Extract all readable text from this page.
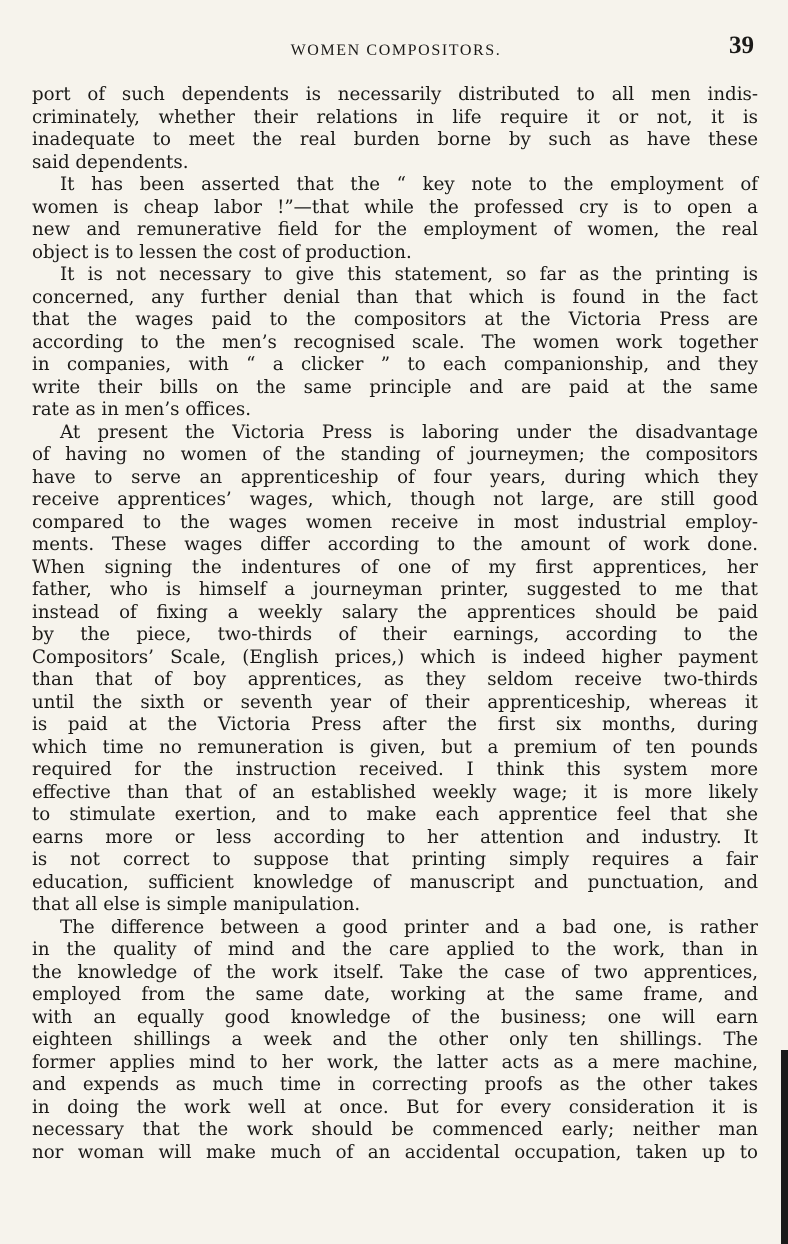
WOMEN COMPOSITORS.	39
port of such dependents is necessarily distributed to all men indis-
criminately, whether their relations in life require it or not, it is
inadequate to meet the real burden borne by such as have these
said dependents.
It has been asserted that the “ key note to the employment of
women is cheap labor !”—that while the professed cry is to open a
new and remunerative field for the employment of women, the real
object is to lessen the cost of production.
It is not necessary to give this statement, so far as the printing is
concerned, any further denial than that which is found in the fact
that the wages paid to the compositors at the Victoria Press are
according to the men’s recognised scale. The women work together
in companies, with “ a clicker ” to each companionship, and they
write their bills on the same principle and are paid at the same
rate as in men’s offices.
At present the Victoria Press is laboring under the disadvantage
of having no women of the standing of journeymen; the compositors
have to serve an apprenticeship of four years, during which they
receive apprentices’ wages, which, though not large, are still good
compared to the wages women receive in most industrial employ-
ments. These wages differ according to the amount of work done.
When signing the indentures of one of my first apprentices, her
father, who is himself a journeyman printer, suggested to me that
instead of fixing a weekly salary the apprentices should be paid
by the piece, two-thirds of their earnings, according to the
Compositors’ Scale, (English prices,) which is indeed higher payment
than that of boy apprentices, as they seldom receive two-thirds
until the sixth or seventh year of their apprenticeship, whereas it
is paid at the Victoria Press after the first six months, during
which time no remuneration is given, but a premium of ten pounds
required for the instruction received. I think this system more
effective than that of an established weekly wage; it is more likely
to stimulate exertion, and to make each apprentice feel that she
earns more or less according to her attention and industry. It
is not correct to suppose that printing simply requires a fair
education, sufficient knowledge of manuscript and punctuation, and
that all else is simple manipulation.
The difference between a good printer and a bad one, is rather
in the quality of mind and the care applied to the work, than in
the knowledge of the work itself. Take the case of two apprentices,
employed from the same date, working at the same frame, and
with an equally good knowledge of the business; one will earn
eighteen shillings a week and the other only ten shillings. The
former applies mind to her work, the latter acts as a mere machine,
and expends as much time in correcting proofs as the other takes
in doing the work well at once. But for every consideration it is
necessary that the work should be commenced early; neither man
nor woman will make much of an accidental occupation, taken up to
